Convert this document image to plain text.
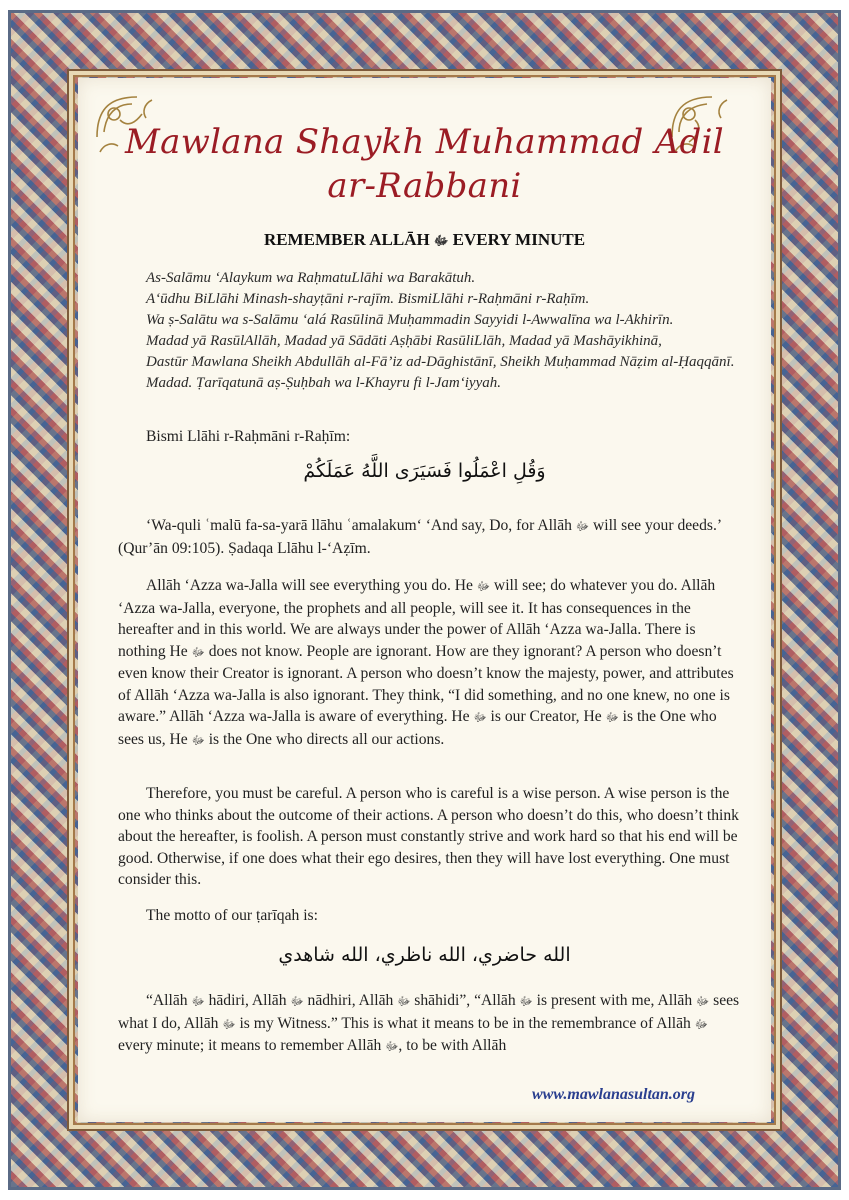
Mawlana Shaykh Muhammad Adil
ar-Rabbani
REMEMBER ALLĀH ﷻ EVERY MINUTE
As-Salāmu ‘Alaykum wa RaḥmatuLlāhi wa Barakātuh.
A‘ūdhu BiLlāhi Minash-shayṭāni r-rajīm. BismiLlāhi r-Raḥmāni r-Raḥīm.
Wa ṣ-Salātu wa s-Salāmu ‘alá Rasūlinā Muḥammadin Sayyidi l-Awwalīna wa l-Akhirīn.
Madad yā RasūlAllāh, Madad yā Sādāti Aṣḥābi RasūliLlāh, Madad yā Mashāyikhinā,
Dastūr Mawlana Sheikh Abdullāh al-Fā’iz ad-Dāghistānī, Sheikh Muḥammad Nāẓim al-Ḥaqqānī. Madad. Ṭarīqatunā aṣ-Ṣuḥbah wa l-Khayru fi l-Jam‘iyyah.
Bismi Llāhi r-Raḥmāni r-Raḥīm:
وَقُلِ اعْمَلُوا فَسَيَرَى اللَّهُ عَمَلَكُمْ
‘Wa-quli ʿmalū fa-sa-yarā llāhu ʿamalakum‘ ‘And say, Do, for Allāh ﷻ will see your deeds.’ (Qur’ān 09:105). Ṣadaqa Llāhu l-‘Aẓīm.
Allāh ‘Azza wa-Jalla will see everything you do. He ﷻ will see; do whatever you do. Allāh ‘Azza wa-Jalla, everyone, the prophets and all people, will see it. It has consequences in the hereafter and in this world. We are always under the power of Allāh ‘Azza wa-Jalla. There is nothing He ﷻ does not know. People are ignorant. How are they ignorant? A person who doesn’t even know their Creator is ignorant. A person who doesn’t know the majesty, power, and attributes of Allāh ‘Azza wa-Jalla is also ignorant. They think, “I did something, and no one knew, no one is aware.” Allāh ‘Azza wa-Jalla is aware of everything. He ﷻ is our Creator, He ﷻ is the One who sees us, He ﷻ is the One who directs all our actions.
Therefore, you must be careful. A person who is careful is a wise person. A wise person is the one who thinks about the outcome of their actions. A person who doesn’t do this, who doesn’t think about the hereafter, is foolish. A person must constantly strive and work hard so that his end will be good. Otherwise, if one does what their ego desires, then they will have lost everything. One must consider this.
The motto of our ṭarīqah is:
الله حاضري، الله ناظري، الله شاهدي
“Allāh ﷻ hādiri, Allāh ﷻ nādhiri, Allāh ﷻ shāhidi”, “Allāh ﷻ is present with me, Allāh ﷻ sees what I do, Allāh ﷻ is my Witness.” This is what it means to be in the remembrance of Allāh ﷻ every minute; it means to remember Allāh ﷻ, to be with Allāh
www.mawlanasultan.org
